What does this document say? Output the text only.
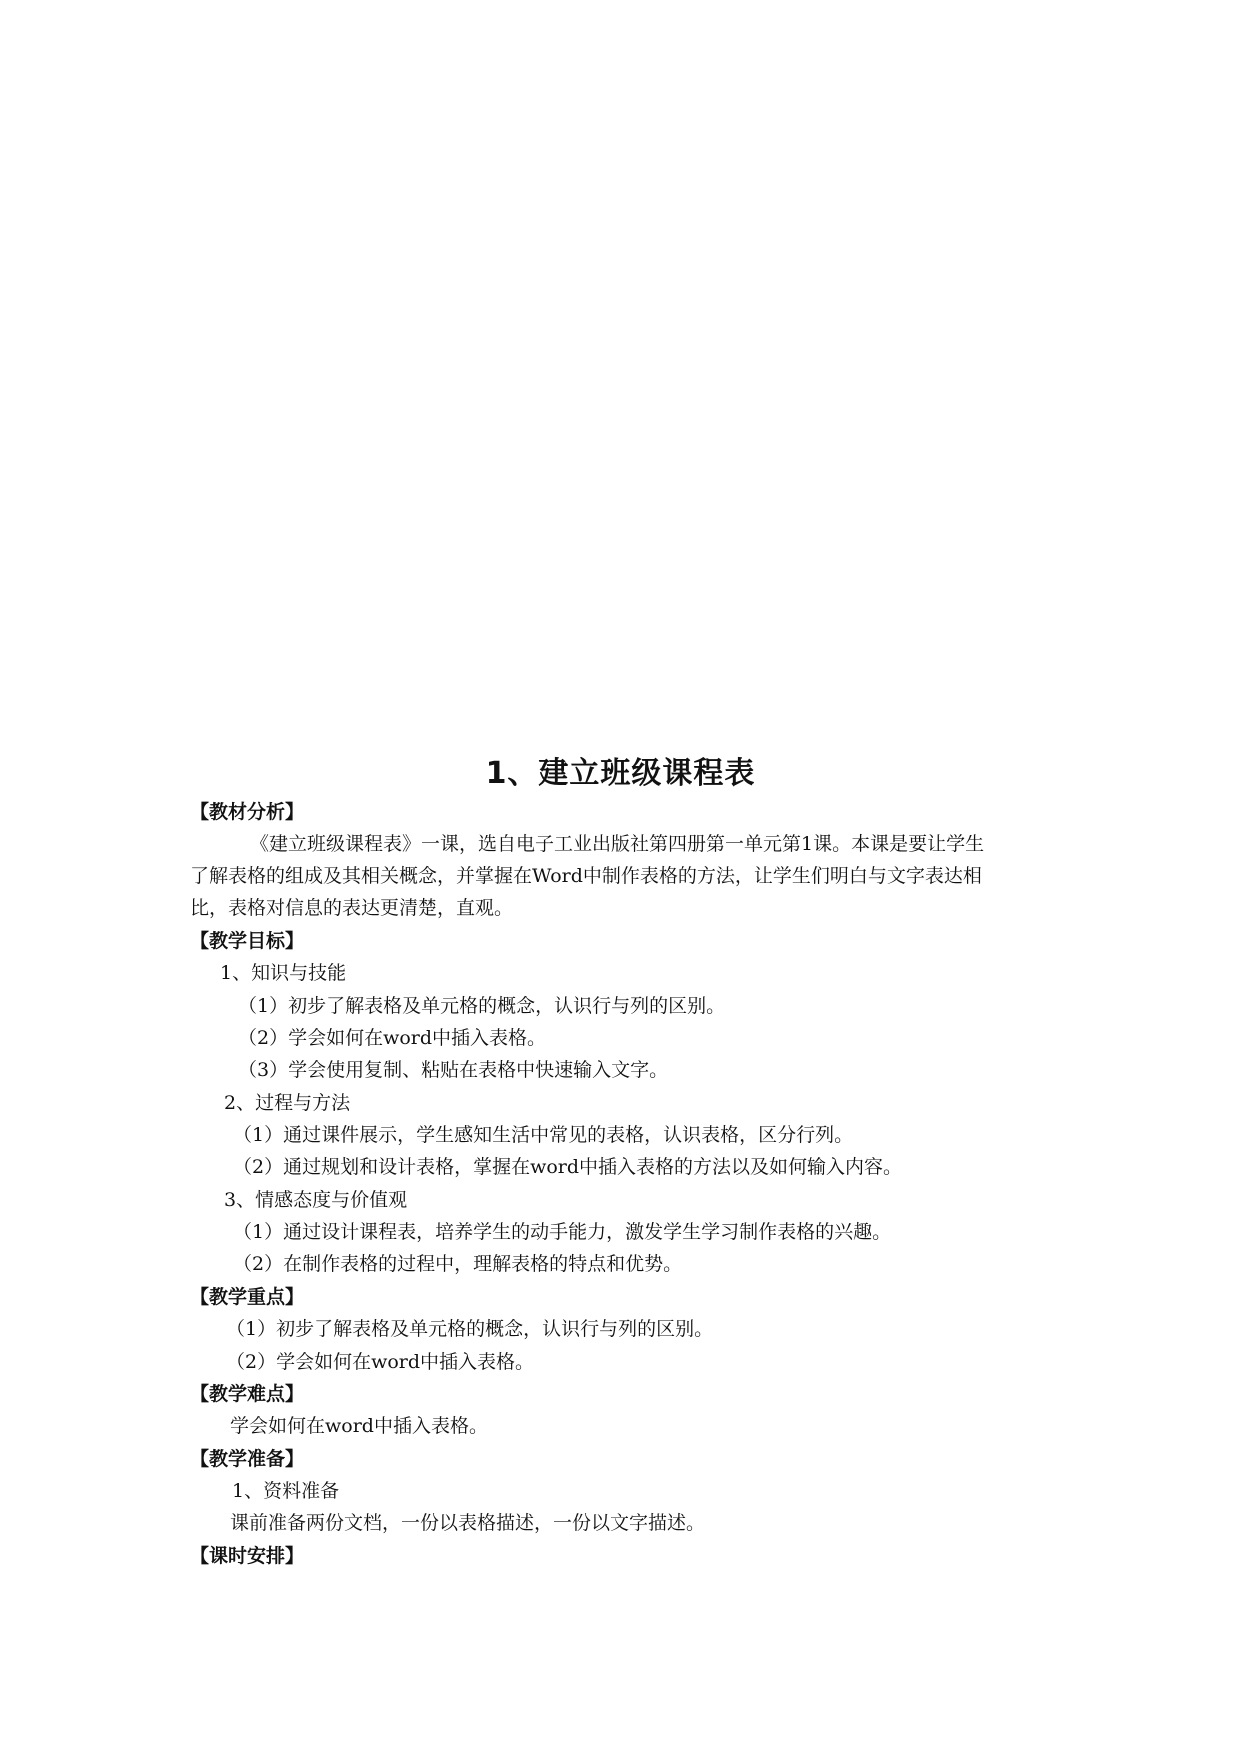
1、建立班级课程表
【教材分析】
《建立班级课程表》一课，选自电子工业出版社第四册第一单元第1课。本课是要让学生
了解表格的组成及其相关概念，并掌握在Word中制作表格的方法，让学生们明白与文字表达相
比，表格对信息的表达更清楚，直观。
【教学目标】
1、知识与技能
（1）初步了解表格及单元格的概念，认识行与列的区别。
（2）学会如何在word中插入表格。
（3）学会使用复制、粘贴在表格中快速输入文字。
2、过程与方法
（1）通过课件展示，学生感知生活中常见的表格，认识表格，区分行列。
（2）通过规划和设计表格，掌握在word中插入表格的方法以及如何输入内容。
3、情感态度与价值观
（1）通过设计课程表，培养学生的动手能力，激发学生学习制作表格的兴趣。
（2）在制作表格的过程中，理解表格的特点和优势。
【教学重点】
（1）初步了解表格及单元格的概念，认识行与列的区别。
（2）学会如何在word中插入表格。
【教学难点】
学会如何在word中插入表格。
【教学准备】
1、资料准备
课前准备两份文档，一份以表格描述，一份以文字描述。
【课时安排】
